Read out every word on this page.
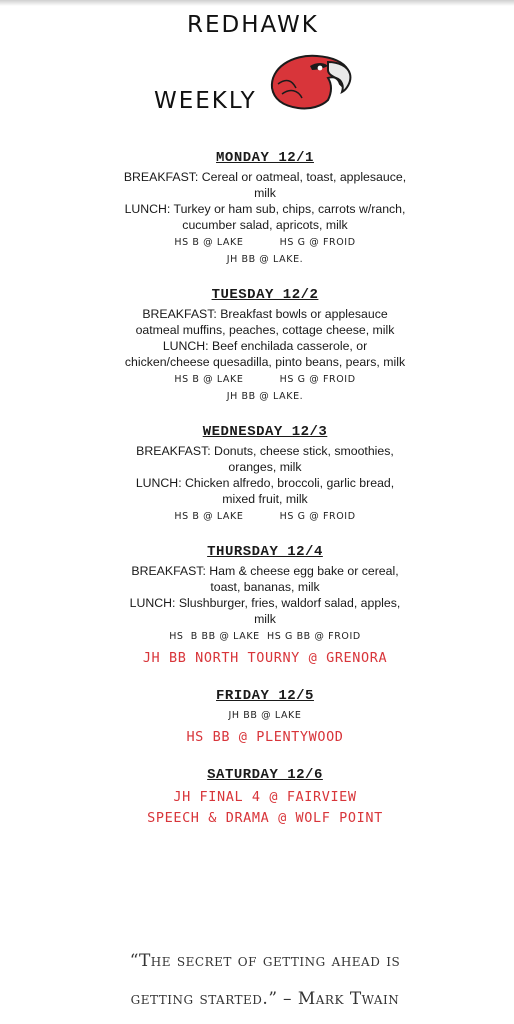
REDHAWK
WEEKLY
MONDAY 12/1
BREAKFAST: Cereal or oatmeal, toast, applesauce, milk
LUNCH: Turkey or ham sub, chips, carrots w/ranch, cucumber salad, apricots, milk
HS B @ LAKE          HS G @ FROID
JH BB @ LAKE.
TUESDAY 12/2
BREAKFAST: Breakfast bowls or applesauce oatmeal muffins, peaches, cottage cheese, milk
LUNCH: Beef enchilada casserole, or chicken/cheese quesadilla, pinto beans, pears, milk
HS B @ LAKE          HS G @ FROID
JH BB @ LAKE.
WEDNESDAY 12/3
BREAKFAST: Donuts, cheese stick, smoothies, oranges, milk
LUNCH: Chicken alfredo, broccoli, garlic bread, mixed fruit, milk
HS B @ LAKE          HS G @ FROID
THURSDAY 12/4
BREAKFAST: Ham & cheese egg bake or cereal, toast, bananas, milk
LUNCH: Slushburger, fries, waldorf salad, apples, milk
HS  B BB @ LAKE  HS G BB @ FROID
JH BB NORTH TOURNY @ GRENORA
FRIDAY 12/5
JH BB @ LAKE
HS BB @ PLENTYWOOD
SATURDAY 12/6
JH FINAL 4 @ FAIRVIEW
SPEECH & DRAMA @ WOLF POINT
“The secret of getting ahead is getting started.” – Mark Twain
